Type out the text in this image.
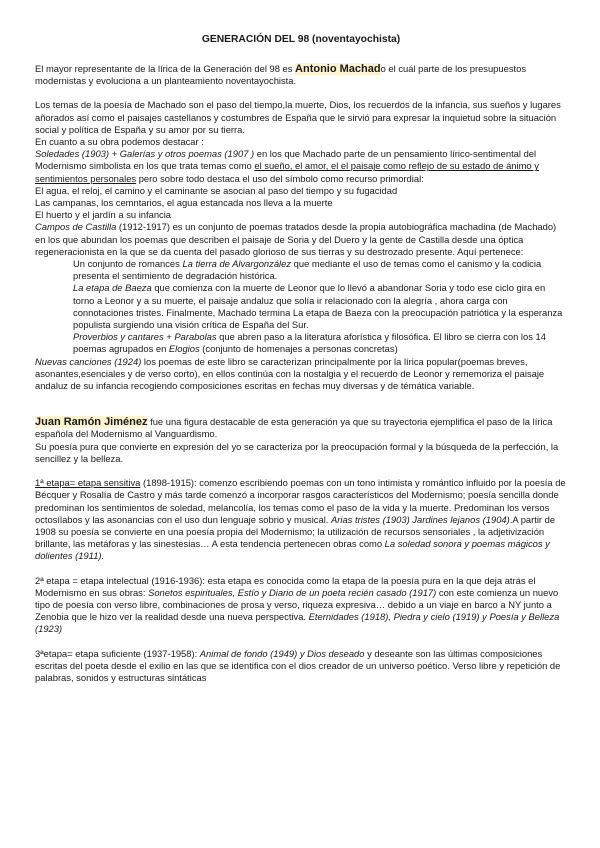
GENERACIÓN DEL 98 (noventayochista)

El mayor representante de la lírica de la Generación del 98 es Antonio Machado el cuál parte de los presupuestos modernistas y evoluciona a un planteamiento noventayochista.

Los temas de la poesía de Machado son el paso del tiempo,la muerte, Dios, los recuerdos de la infancia, sus sueños y lugares añorados así como el paisajes castellanos y costumbres de España que le sirvió para expresar la inquietud sobre la situación social y política de España y su amor por su tierra.

En cuanto a su obra podemos destacar :

Soledades (1903) + Galerías y otros poemas (1907 ) en los que Machado parte de un pensamiento lírico-sentimental del Modernismo simbolista en los que trata temas como el sueño, el amor, el el paisaje como reflejo de su estado de ánimo y sentimientos personales pero sobre todo destaca el uso del símbolo como recurso primordial:

El agua, el reloj, el camino y el caminante se asocian al paso del tiempo y su fugacidad

Las campanas, los cemntarios, el agua estancada nos lleva a la muerte

El huerto y el jardín a su infancia

Campos de Castilla (1912-1917) es un conjunto de poemas tratados desde la propia autobiográfica machadina (de Machado) en los que abundan los poemas que describen el paisaje de Soria y del Duero y la gente de Castilla desde una óptica regeneracionista en la que se da cuenta del pasado glorioso de sus tierras y su destrozado presente. Aquí pertenece:

Un conjunto de romances La tierra de Alvargonzález que mediante el uso de temas como el canismo y la codicia presenta el sentimiento de degradación histórica.

La etapa de Baeza que comienza con la muerte de Leonor que lo llevó a abandonar Soria y todo ese ciclo gira en torno a Leonor y a su muerte, el paisaje andaluz que solía ir relacionado con la alegría , ahora carga con connotaciones tristes. Finalmente, Machado termina La etapa de Baeza con la preocupación patriótica y la esperanza populista surgiendo una visión crítica de España del Sur.

Proverbios y cantares + Parabolas que abren paso a la literatura aforística y filosófica. El libro se cierra con los 14 poemas agrupados en Elogios (conjunto de homenajes a personas concretas)

Nuevas canciones (1924) los poemas de este libro se caracterizan principalmente por la lírica popular(poemas breves, asonantes,esenciales y de verso corto), en ellos continúa con la nostalgia y el recuerdo de Leonor y rememoriza el paisaje andaluz de su infancia recogiendo composiciones escritas en fechas muy diversas y de témática variable.

Juan Ramón Jiménez fue una figura destacable de esta generación ya que su trayectoria ejemplifica el paso de la lírica española del Modernismo al Vanguardismo.

Su poesía pura que convierte en expresión del yo se caracteriza por la preocupación formal y la búsqueda de la perfección, la sencillez y la belleza.

1ª etapa= etapa sensitiva (1898-1915): comenzo escribiendo poemas con un tono intimista y romántico influido por la poesía de Bécquer y Rosalía de Castro y más tarde comenzó a incorporar rasgos característicos del Modernismo; poesía sencilla donde predominan los sentimientos de soledad, melancolía, los temas como el paso de la vida y la muerte. Predominan los versos octosílabos y las asonancias con el uso dun lenguaje sobrio y musical. Arias tristes (1903) Jardines lejanos (1904).A partir de 1908 su poesía se convierte en una poesía propia del Modernismo; la utilización de recursos sensoriales , la adjetivización brillante, las metáforas y las sinestesias… A esta tendencia pertenecen obras como La soledad sonora y poemas mágicos y dolientes (1911).

2ª etapa = etapa intelectual (1916-1936): esta etapa es conocida como la etapa de la poesía pura en la que deja atrás el Modernismo en sus obras: Sonetos espirituales, Estío y Diario de un poeta recién casado (1917) con este comienza un nuevo tipo de poesía con verso libre, combinaciones de prosa y verso, riqueza expresiva… debido a un viaje en barco a NY junto a Zenobia que le hizo ver la realidad desde una nueva perspectiva. Eternidades (1918), Piedra y cielo (1919) y Poesía y Belleza (1923)

3ªetapa= etapa suficiente (1937-1958): Animal de fondo (1949) y Dios deseado y deseante son las últimas composiciones escritas del poeta desde el exilio en las que se identifica con el dios creador de un universo poético. Verso libre y repetición de palabras, sonidos y estructuras sintáticas
